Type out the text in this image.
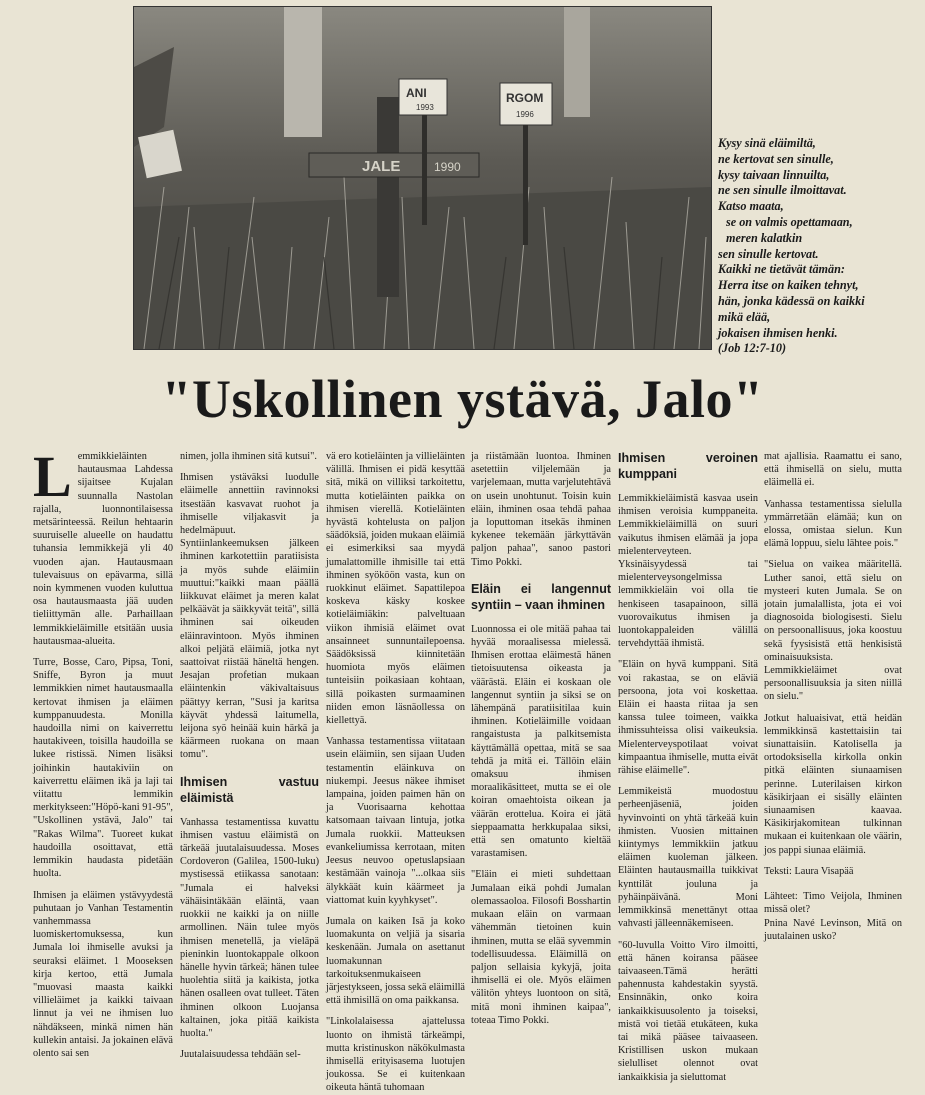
JALE	1990
ANI
1993
RGOM
1996
Kysy sinä eläimiltä,
ne kertovat sen sinulle,
kysy taivaan linnuilta,
ne sen sinulle ilmoittavat.
Katso maata,
se on valmis opettamaan,
meren kalatkin
sen sinulle kertovat.
Kaikki ne tietävät tämän:
Herra itse on kaiken tehnyt,
hän, jonka kädessä on kaikki
mikä elää,
jokaisen ihmisen henki.
(Job 12:7-10)
"Uskollinen ystävä, Jalo"
L emmikkieläinten hautausmaa Lahdessa sijaitsee Kujalan suunnalla Nastolan rajalla, luonnontilaisessa metsärinteessä. Reilun hehtaarin suuruiselle alueelle on haudattu tuhansia lemmikkejä yli 40 vuoden ajan. Hautausmaan tulevaisuus on epävarma, sillä noin kymmenen vuoden kuluttua osa hautausmaasta jää uuden tieliittymän alle. Parhaillaan lemmikkieläimille etsitään uusia hautausmaa-alueita.

Turre, Bosse, Caro, Pipsa, Toni, Sniffe, Byron ja muut lemmikkien nimet hautausmaalla kertovat ihmisen ja eläimen kumppanuudesta. Monilla haudoilla nimi on kaiverrettu hautakiveen, toisilla haudoilla se lukee ristissä. Nimen lisäksi joihinkin hautakiviin on kaiverrettu eläimen ikä ja laji tai viitattu lemmikin merkitykseen:"Höpö-kani 91-95", "Uskollinen ystävä, Jalo" tai "Rakas Wilma". Tuoreet kukat haudoilla osoittavat, että lemmikin haudasta pidetään huolta.

Ihmisen ja eläimen ystävyydestä puhutaan jo Vanhan Testamentin vanhemmassa luomiskertomuksessa, kun Jumala loi ihmiselle avuksi ja seuraksi eläimet. 1 Mooseksen kirja kertoo, että Jumala "muovasi maasta kaikki villieläimet ja kaikki taivaan linnut ja vei ne ihmisen luo nähdäkseen, minkä nimen hän kullekin antaisi. Ja jokainen elävä olento sai sen

nimen, jolla ihminen sitä kutsui".

Ihmisen ystäväksi luodulle eläimelle annettiin ravinnoksi itsestään kasvavat ruohot ja ihmiselle viljakasvit ja hedelmäpuut. Syntiinlankeemuksen jälkeen ihminen karkotettiin paratiisista ja myös suhde eläimiin muuttui:"kaikki maan päällä liikkuvat eläimet ja meren kalat pelkäävät ja säikkyvät teitä", sillä ihminen sai oikeuden eläinravintoon. Myös ihminen alkoi peljätä eläimiä, jotka nyt saattoivat riistää häneltä hengen. Jesajan profetian mukaan eläintenkin väkivaltaisuus päättyy kerran, "Susi ja karitsa käyvät yhdessä laitumella, leijona syö heinää kuin härkä ja käärmeen ruokana on maan tomu".

Ihmisen vastuu eläimistä

Vanhassa testamentissa kuvattu ihmisen vastuu eläimistä on tärkeää juutalaisuudessa. Moses Cordoveron (Galilea, 1500-luku) mystisessä etiikassa sanotaan: "Jumala ei halveksi vähäisintäkään eläintä, vaan ruokkii ne kaikki ja on niille armollinen. Näin tulee myös ihmisen menetellä, ja vieläpä pieninkin luontokappale olkoon hänelle hyvin tärkeä; hänen tulee huolehtia siitä ja kaikista, jotka hänen osalleen ovat tulleet. Täten ihminen olkoon Luojansa kaltainen, joka pitää kaikista huolta."

Juutalaisuudessa tehdään sel-

vä ero kotieläinten ja villieläinten välillä. Ihmisen ei pidä kesyttää sitä, mikä on villiksi tarkoitettu, mutta kotieläinten paikka on ihmisen vierellä. Kotieläinten hyvästä kohtelusta on paljon säädöksiä, joiden mukaan eläimiä ei esimerkiksi saa myydä jumalattomille ihmisille tai että ihminen syököön vasta, kun on ruokkinut eläimet. Sapattilepoa koskeva käsky koskee kotieläimiäkin: palveltuaan viikon ihmisiä eläimet ovat ansainneet sunnuntailepoensa. Säädöksissä kiinnitetään huomiota myös eläimen tunteisiin poikasiaan kohtaan, sillä poikasten surmaaminen niiden emon läsnäollessa on kiellettyä.

Vanhassa testamentissa viitataan usein eläimiin, sen sijaan Uuden testamentin eläinkuva on niukempi. Jeesus näkee ihmiset lampaina, joiden paimen hän on ja Vuorisaarna kehottaa katsomaan taivaan lintuja, jotka Jumala ruokkii. Matteuksen evankeliumissa kerrotaan, miten Jeesus neuvoo opetuslapsiaan kestämään vainoja "...olkaa siis älykkäät kuin käärmeet ja viattomat kuin kyyhkyset".

Jumala on kaiken Isä ja koko luomakunta on veljiä ja sisaria keskenään. Jumala on asettanut luomakunnan tarkoituksenmukaiseen järjestykseen, jossa sekä eläimillä että ihmisillä on oma paikkansa.

"Linkolalaisessa ajattelussa luonto on ihmistä tärkeämpi, mutta kristinuskon näkökulmasta ihmisellä erityisasema luotujen joukossa. Se ei kuitenkaan oikeuta häntä tuhomaan

ja riistämään luontoa. Ihminen asetettiin viljelemään ja varjelemaan, mutta varjelutehtävä on usein unohtunut. Toisin kuin eläin, ihminen osaa tehdä pahaa ja loputtoman itsekäs ihminen kykenee tekemään järkyttävän paljon pahaa", sanoo pastori Timo Pokki.

Eläin ei langennut syntiin – vaan ihminen

Luonnossa ei ole mitää pahaa tai hyvää moraalisessa mielessä. Ihmisen erottaa eläimestä hänen tietoisuutensa oikeasta ja väärästä. Eläin ei koskaan ole langennut syntiin ja siksi se on lähempänä paratiisitilaa kuin ihminen. Kotieläimille voidaan rangaistusta ja palkitsemista käyttämällä opettaa, mitä se saa tehdä ja mitä ei. Tällöin eläin omaksuu ihmisen moraalikäsitteet, mutta se ei ole koiran omaehtoista oikean ja väärän erottelua. Koira ei jätä sieppaamatta herkkupalaa siksi, että sen omatunto kieltää varastamisen.

"Eläin ei mieti suhdettaan Jumalaan eikä pohdi Jumalan olemassaoloa. Filosofi Bosshartin mukaan eläin on varmaan vähemmän tietoinen kuin ihminen, mutta se elää syvemmin todellisuudessa. Eläimillä on paljon sellaisia kykyjä, joita ihmisellä ei ole. Myös eläimen välitön yhteys luontoon on sitä, mitä moni ihminen kaipaa", toteaa Timo Pokki.

Ihmisen veroinen kumppani

Lemmikkieläimistä kasvaa usein ihmisen veroisia kumppaneita. Lemmikkieläimillä on suuri vaikutus ihmisen elämää ja jopa mielenterveyteen. Yksinäisyydessä tai mielenterveysongelmissa lemmikkieläin voi olla tie henkiseen tasapainoon, sillä vuorovaikutus ihmisen ja luontokappaleiden välillä tervehdyttää ihmistä.

"Eläin on hyvä kumppani. Sitä voi rakastaa, se on eläviä persoona, jota voi koskettaa. Eläin ei haasta riitaa ja sen kanssa tulee toimeen, vaikka ihmissuhteissa olisi vaikeuksia. Mielenterveyspotilaat voivat kimpaantua ihmiselle, mutta eivät rähise eläimelle".

Lemmikeistä muodostuu perheenjäseniä, joiden hyvinvointi on yhtä tärkeää kuin ihmisten. Vuosien mittainen kiintymys lemmikkiin jatkuu eläimen kuoleman jälkeen. Eläinten hautausmailla tuikkivat kynttilät jouluna ja pyhäinpäivänä. Moni lemmikkinsä menettänyt ottaa vahvasti jälleennäkemiseen.

"60-luvulla Voitto Viro ilmoitti, että hänen koiransa pääsee taivaaseen.Tämä herätti pahennusta kahdestakin syystä. Ensinnäkin, onko koira iankaikkisuusolento ja toiseksi, mistä voi tietää etukäteen, kuka tai mikä pääsee taivaaseen. Kristillisen uskon mukaan sielulliset olennot ovat iankaikkisia ja sieluttomat

mat ajallisia. Raamattu ei sano, että ihmisellä on sielu, mutta eläimellä ei.

Vanhassa testamentissa sielulla ymmärretään elämää; kun on elossa, omistaa sielun. Kun elämä loppuu, sielu lähtee pois."

"Sielua on vaikea määritellä. Luther sanoi, että sielu on mysteeri kuten Jumala. Se on jotain jumalallista, jota ei voi diagnosoida biologisesti. Sielu on persoonallisuus, joka koostuu sekä fyysisistä että henkisistä ominaisuuksista. Lemmikkieläimet ovat persoonallisuuksia ja siten niillä on sielu."

Jotkut haluaisivat, että heidän lemmikkinsä kastettaisiin tai siunattaisiin. Katolisella ja ortodoksisella kirkolla onkin pitkä eläinten siunaamisen perinne. Luterilaisen kirkon käsikirjaan ei sisälly eläinten siunaamisen kaavaa. Käsikirjakomitean tulkinnan mukaan ei kuitenkaan ole väärin, jos pappi siunaa eläimiä.

Teksti: Laura Visapää

Lähteet: Timo Veijola, Ihminen missä olet?

Pnina Navé Levinson, Mitä on juutalainen usko?
